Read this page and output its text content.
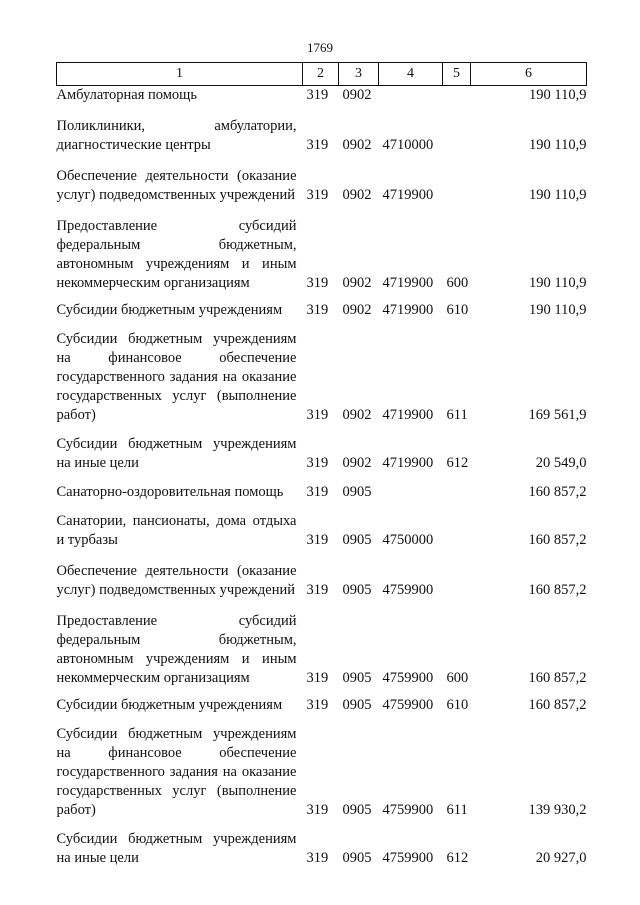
1769
1	2	3	4	5	6
Амбулаторная помощь	319	0902			190 110,9

Поликлиники, амбулатории, диагностические центры	319	0902	4710000		190 110,9

Обеспечение деятельности (оказание услуг) подведомственных учреждений	319	0902	4719900		190 110,9

Предоставление субсидий федеральным бюджетным, автономным учреждениям и иным некоммерческим организациям	319	0902	4719900	600	190 110,9

Субсидии бюджетным учреждениям	319	0902	4719900	610	190 110,9

Субсидии бюджетным учреждениям на финансовое обеспечение государственного задания на оказание государственных услуг (выполнение работ)	319	0902	4719900	611	169 561,9

Субсидии бюджетным учреждениям на иные цели	319	0902	4719900	612	20 549,0

Санаторно-оздоровительная помощь	319	0905			160 857,2

Санатории, пансионаты, дома отдыха и турбазы	319	0905	4750000		160 857,2

Обеспечение деятельности (оказание услуг) подведомственных учреждений	319	0905	4759900		160 857,2

Предоставление субсидий федеральным бюджетным, автономным учреждениям и иным некоммерческим организациям	319	0905	4759900	600	160 857,2

Субсидии бюджетным учреждениям	319	0905	4759900	610	160 857,2

Субсидии бюджетным учреждениям на финансовое обеспечение государственного задания на оказание государственных услуг (выполнение работ)	319	0905	4759900	611	139 930,2

Субсидии бюджетным учреждениям на иные цели	319	0905	4759900	612	20 927,0
